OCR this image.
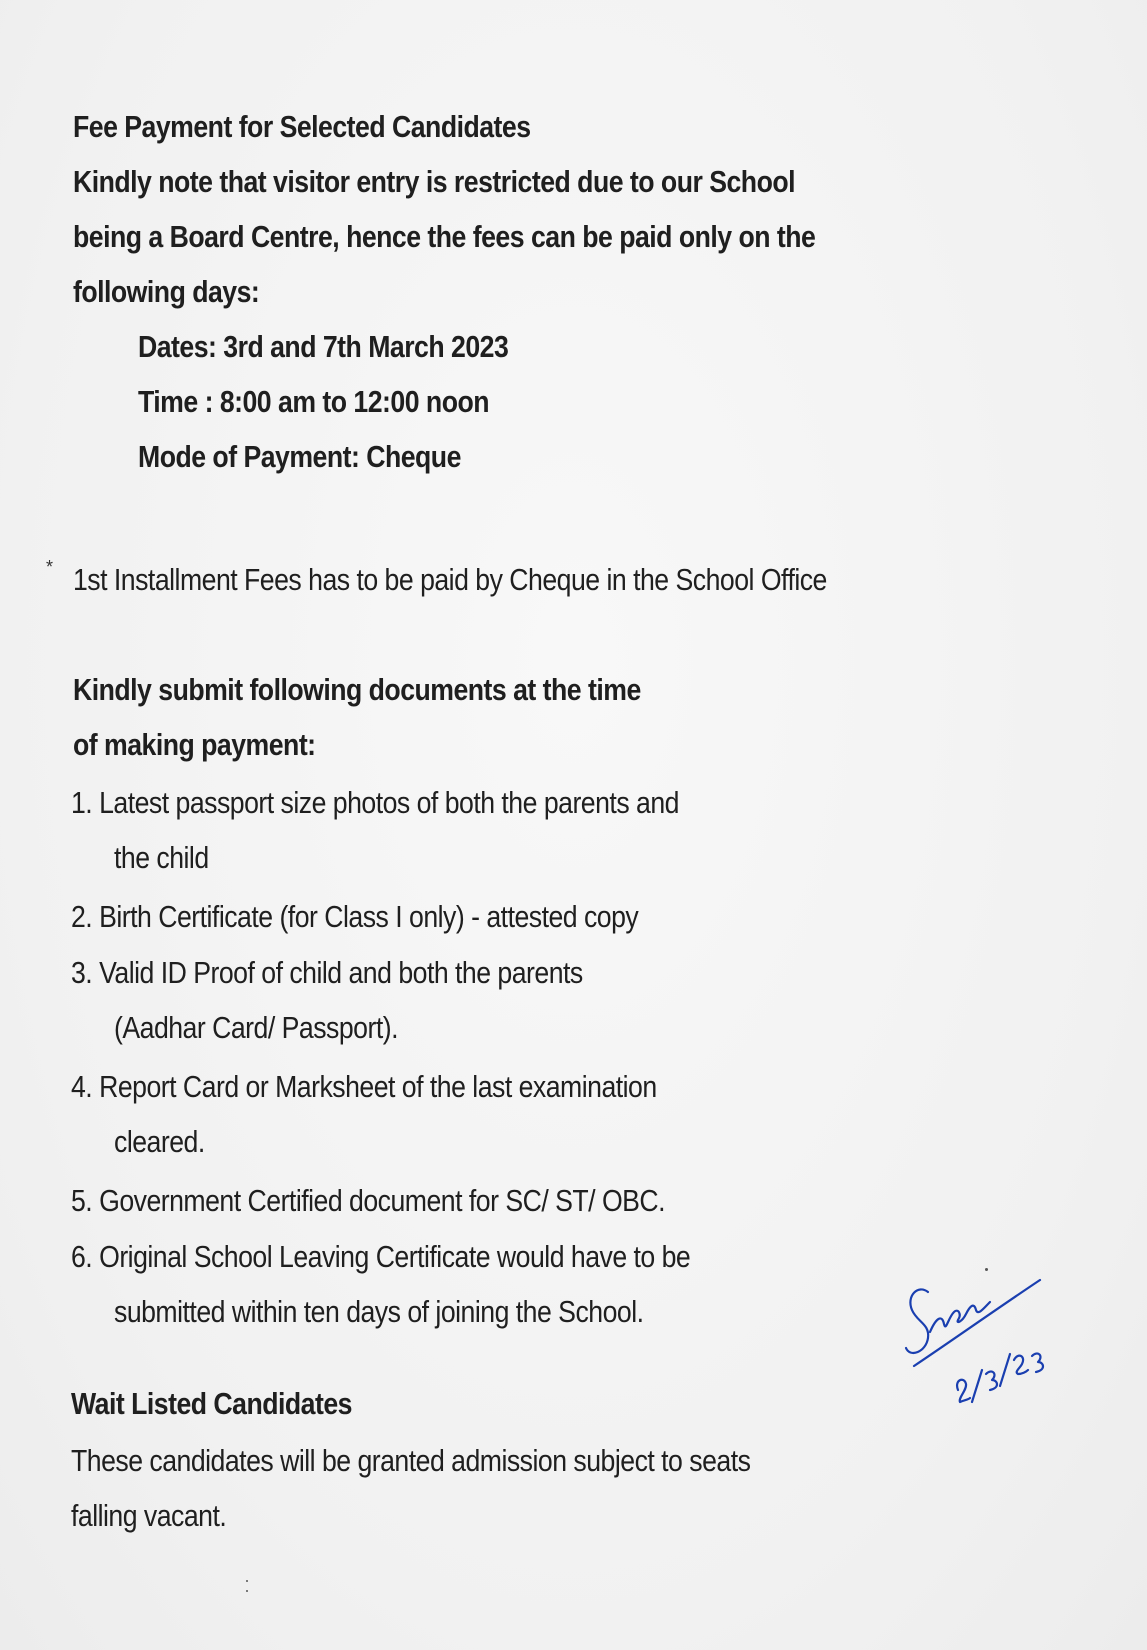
Fee Payment for Selected Candidates
Kindly note that visitor entry is restricted due to our School
being a Board Centre, hence the fees can be paid only on the
following days:
Dates: 3rd and 7th March 2023
Time : 8:00 am to 12:00 noon
Mode of Payment: Cheque
* 1st Installment Fees has to be paid by Cheque in the School Office
Kindly submit following documents at the time
of making payment:
1. Latest passport size photos of both the parents and
the child
2. Birth Certificate (for Class I only) - attested copy
3. Valid ID Proof of child and both the parents
(Aadhar Card/ Passport).
4. Report Card or Marksheet of the last examination
cleared.
5. Government Certified document for SC/ ST/ OBC.
6. Original School Leaving Certificate would have to be
submitted within ten days of joining the School.
Wait Listed Candidates
These candidates will be granted admission subject to seats
falling vacant.
